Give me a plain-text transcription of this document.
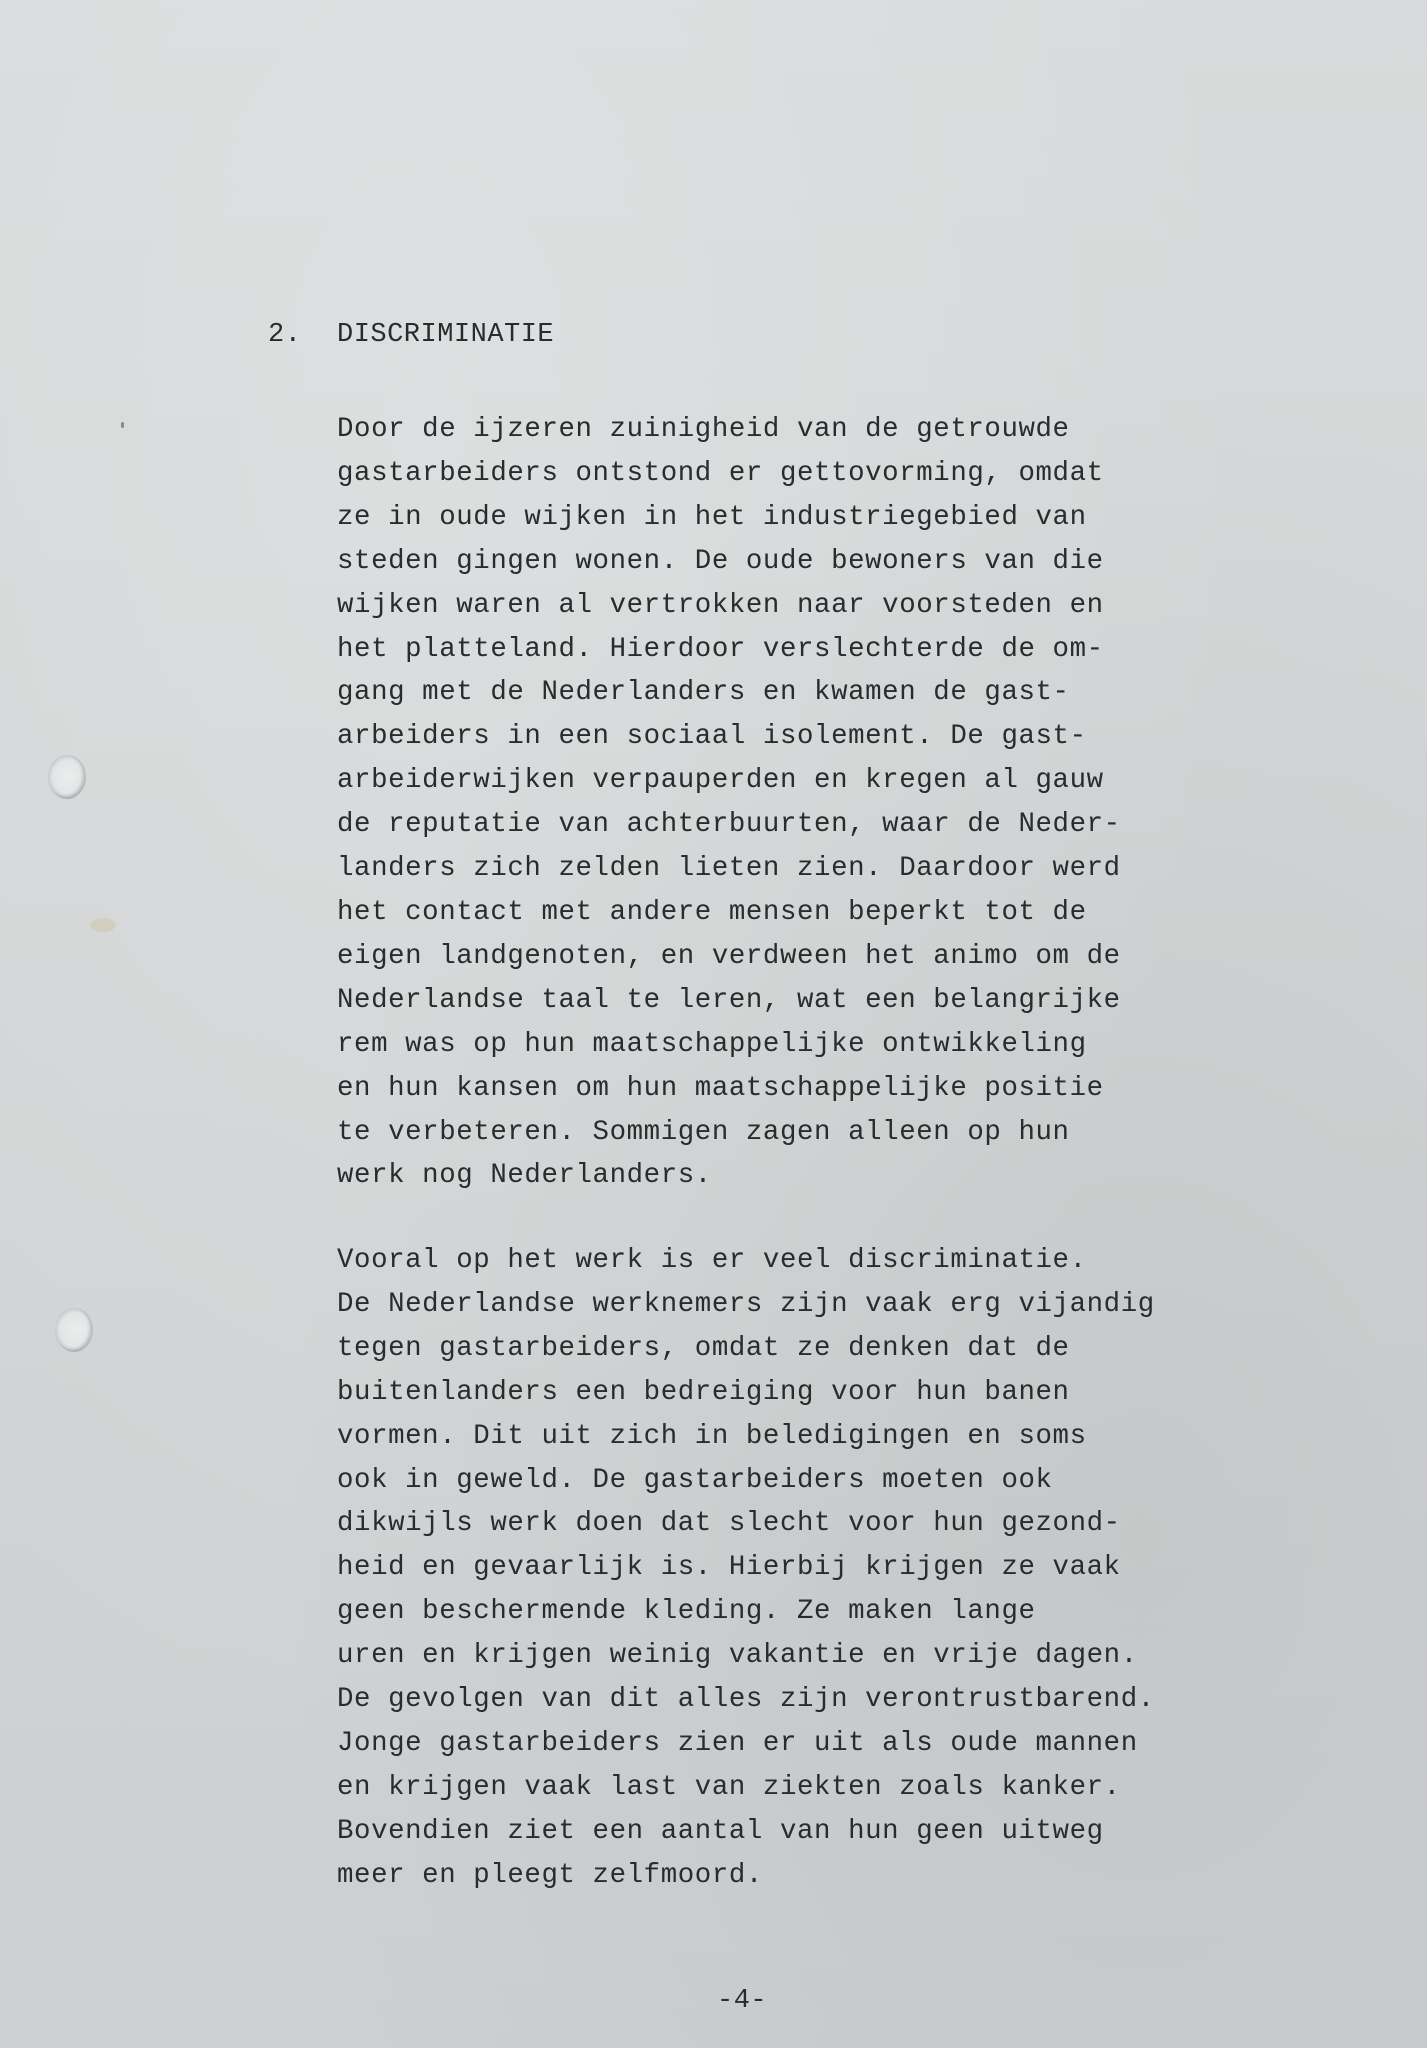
2. DISCRIMINATIE
Door de ijzeren zuinigheid van de getrouwde
gastarbeiders ontstond er gettovorming, omdat
ze in oude wijken in het industriegebied van
steden gingen wonen. De oude bewoners van die
wijken waren al vertrokken naar voorsteden en
het platteland. Hierdoor verslechterde de om-
gang met de Nederlanders en kwamen de gast-
arbeiders in een sociaal isolement. De gast-
arbeiderwijken verpauperden en kregen al gauw
de reputatie van achterbuurten, waar de Neder-
landers zich zelden lieten zien. Daardoor werd
het contact met andere mensen beperkt tot de
eigen landgenoten, en verdween het animo om de
Nederlandse taal te leren, wat een belangrijke
rem was op hun maatschappelijke ontwikkeling
en hun kansen om hun maatschappelijke positie
te verbeteren. Sommigen zagen alleen op hun
werk nog Nederlanders.
Vooral op het werk is er veel discriminatie.
De Nederlandse werknemers zijn vaak erg vijandig
tegen gastarbeiders, omdat ze denken dat de
buitenlanders een bedreiging voor hun banen
vormen. Dit uit zich in beledigingen en soms
ook in geweld. De gastarbeiders moeten ook
dikwijls werk doen dat slecht voor hun gezond-
heid en gevaarlijk is. Hierbij krijgen ze vaak
geen beschermende kleding. Ze maken lange
uren en krijgen weinig vakantie en vrije dagen.
De gevolgen van dit alles zijn verontrustbarend.
Jonge gastarbeiders zien er uit als oude mannen
en krijgen vaak last van ziekten zoals kanker.
Bovendien ziet een aantal van hun geen uitweg
meer en pleegt zelfmoord.
-4-
